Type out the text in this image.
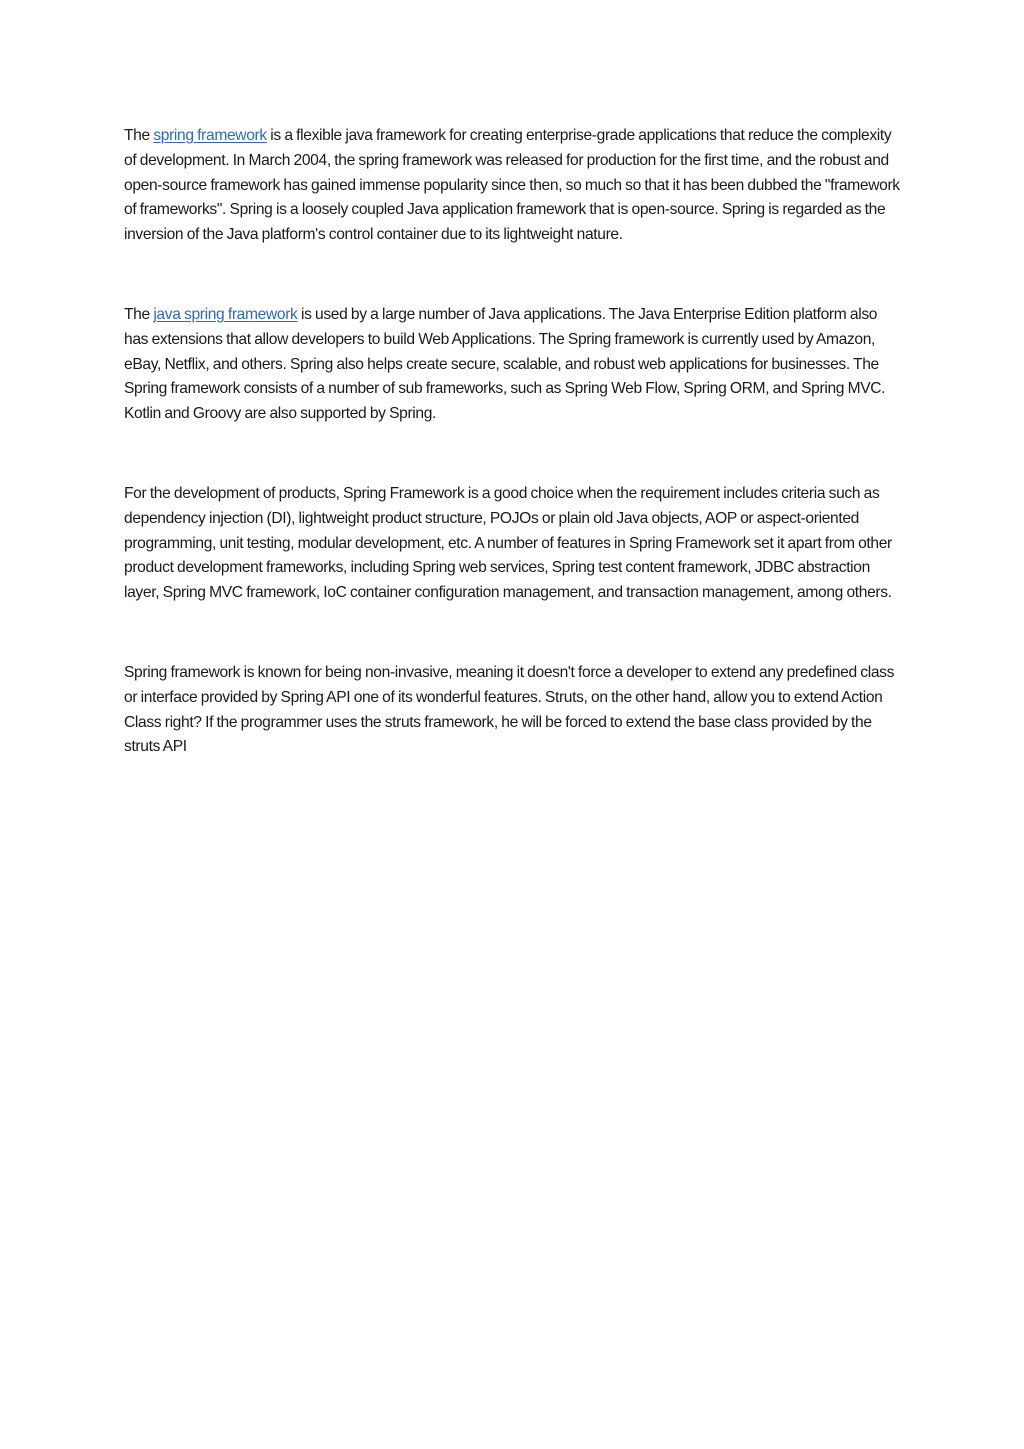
The spring framework is a flexible java framework for creating enterprise-grade applications that reduce the complexity of development. In March 2004, the spring framework was released for production for the first time, and the robust and open-source framework has gained immense popularity since then, so much so that it has been dubbed the "framework of frameworks". Spring is a loosely coupled Java application framework that is open-source. Spring is regarded as the inversion of the Java platform's control container due to its lightweight nature.

The java spring framework is used by a large number of Java applications. The Java Enterprise Edition platform also has extensions that allow developers to build Web Applications. The Spring framework is currently used by Amazon, eBay, Netflix, and others. Spring also helps create secure, scalable, and robust web applications for businesses. The Spring framework consists of a number of sub frameworks, such as Spring Web Flow, Spring ORM, and Spring MVC. Kotlin and Groovy are also supported by Spring.

For the development of products, Spring Framework is a good choice when the requirement includes criteria such as dependency injection (DI), lightweight product structure, POJOs or plain old Java objects, AOP or aspect-oriented programming, unit testing, modular development, etc. A number of features in Spring Framework set it apart from other product development frameworks, including Spring web services, Spring test content framework, JDBC abstraction layer, Spring MVC framework, IoC container configuration management, and transaction management, among others.

Spring framework is known for being non-invasive, meaning it doesn't force a developer to extend any predefined class or interface provided by Spring API one of its wonderful features. Struts, on the other hand, allow you to extend Action Class right? If the programmer uses the struts framework, he will be forced to extend the base class provided by the struts API
